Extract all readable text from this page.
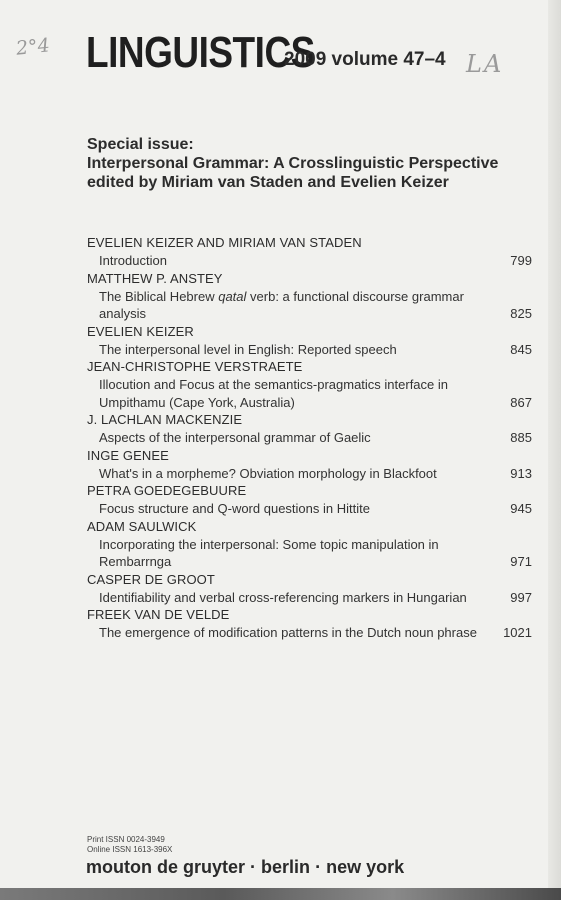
2°4
LA
LINGUISTICS
2009 volume 47–4
Special issue:
Interpersonal Grammar: A Crosslinguistic Perspective
edited by Miriam van Staden and Evelien Keizer
EVELIEN KEIZER AND MIRIAM VAN STADEN
Introduction	799
MATTHEW P. ANSTEY
The Biblical Hebrew qatal verb: a functional discourse grammar analysis	825
EVELIEN KEIZER
The interpersonal level in English: Reported speech	845
JEAN-CHRISTOPHE VERSTRAETE
Illocution and Focus at the semantics-pragmatics interface in Umpithamu (Cape York, Australia)	867
J. LACHLAN MACKENZIE
Aspects of the interpersonal grammar of Gaelic	885
INGE GENEE
What's in a morpheme? Obviation morphology in Blackfoot	913
PETRA GOEDEGEBUURE
Focus structure and Q-word questions in Hittite	945
ADAM SAULWICK
Incorporating the interpersonal: Some topic manipulation in Rembarrnga	971
CASPER DE GROOT
Identifiability and verbal cross-referencing markers in Hungarian	997
FREEK VAN DE VELDE
The emergence of modification patterns in the Dutch noun phrase	1021
Print ISSN 0024-3949
Online ISSN 1613-396X
mouton de gruyter · berlin · new york
